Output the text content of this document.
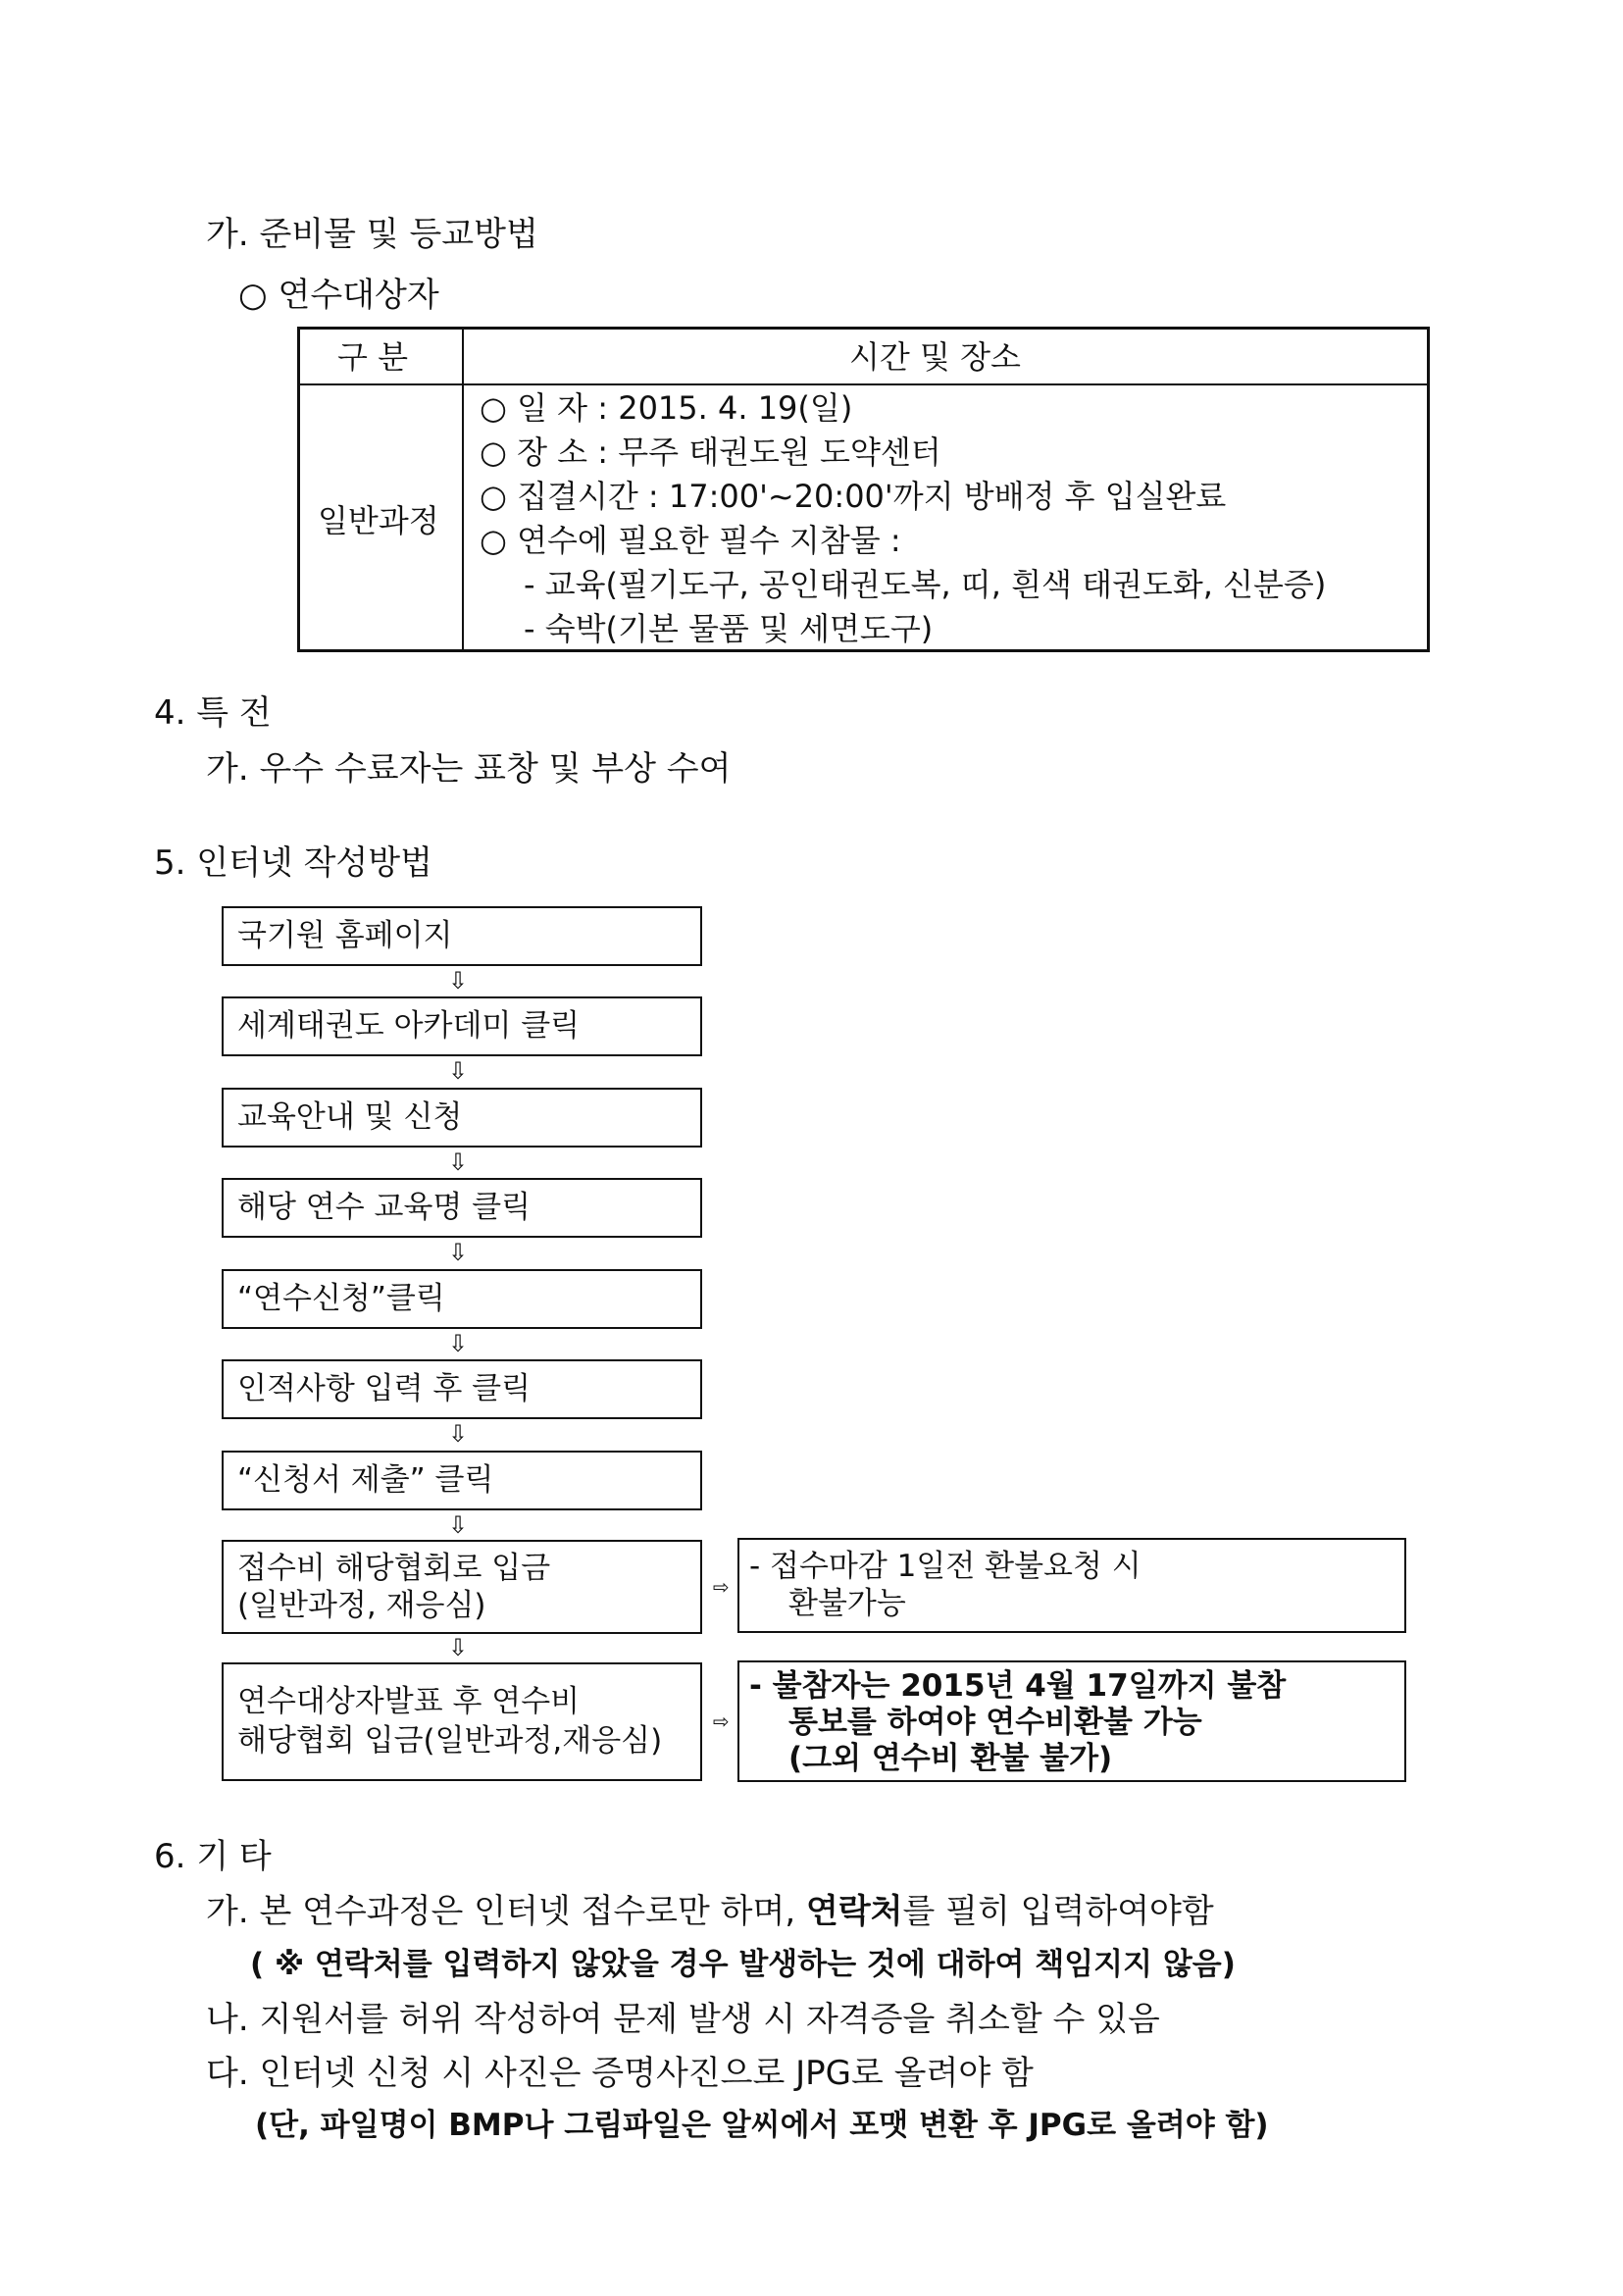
가. 준비물 및 등교방법
○ 연수대상자
구 분	시간 및 장소
일반과정
○ 일 자 : 2015. 4. 19(일)
○ 장 소 : 무주 태권도원 도약센터
○ 집결시간 : 17:00'~20:00'까지 방배정 후 입실완료
○ 연수에 필요한 필수 지참물 :
- 교육(필기도구, 공인태권도복, 띠, 흰색 태권도화, 신분증)
- 숙박(기본 물품 및 세면도구)
4. 특 전
가. 우수 수료자는 표창 및 부상 수여
5. 인터넷 작성방법
국기원 홈페이지
⇩
세계태권도 아카데미 클릭
⇩
교육안내 및 신청
⇩
해당 연수 교육명 클릭
⇩
“연수신청”클릭
⇩
인적사항 입력 후 클릭
⇩
“신청서 제출” 클릭
⇩
접수비 해당협회로 입금
(일반과정, 재응심)
⇩
연수대상자발표 후 연수비
해당협회 입금(일반과정,재응심)
⇨
- 접수마감 1일전 환불요청 시
환불가능
⇨
- 불참자는 2015년 4월 17일까지 불참
통보를 하여야 연수비환불 가능
(그외 연수비 환불 불가)
6. 기 타
가. 본 연수과정은 인터넷 접수로만 하며, 연락처를 필히 입력하여야함
( ※ 연락처를 입력하지 않았을 경우 발생하는 것에 대하여 책임지지 않음)
나. 지원서를 허위 작성하여 문제 발생 시 자격증을 취소할 수 있음
다. 인터넷 신청 시 사진은 증명사진으로 JPG로 올려야 함
(단, 파일명이 BMP나 그림파일은 알씨에서 포맷 변환 후 JPG로 올려야 함)
